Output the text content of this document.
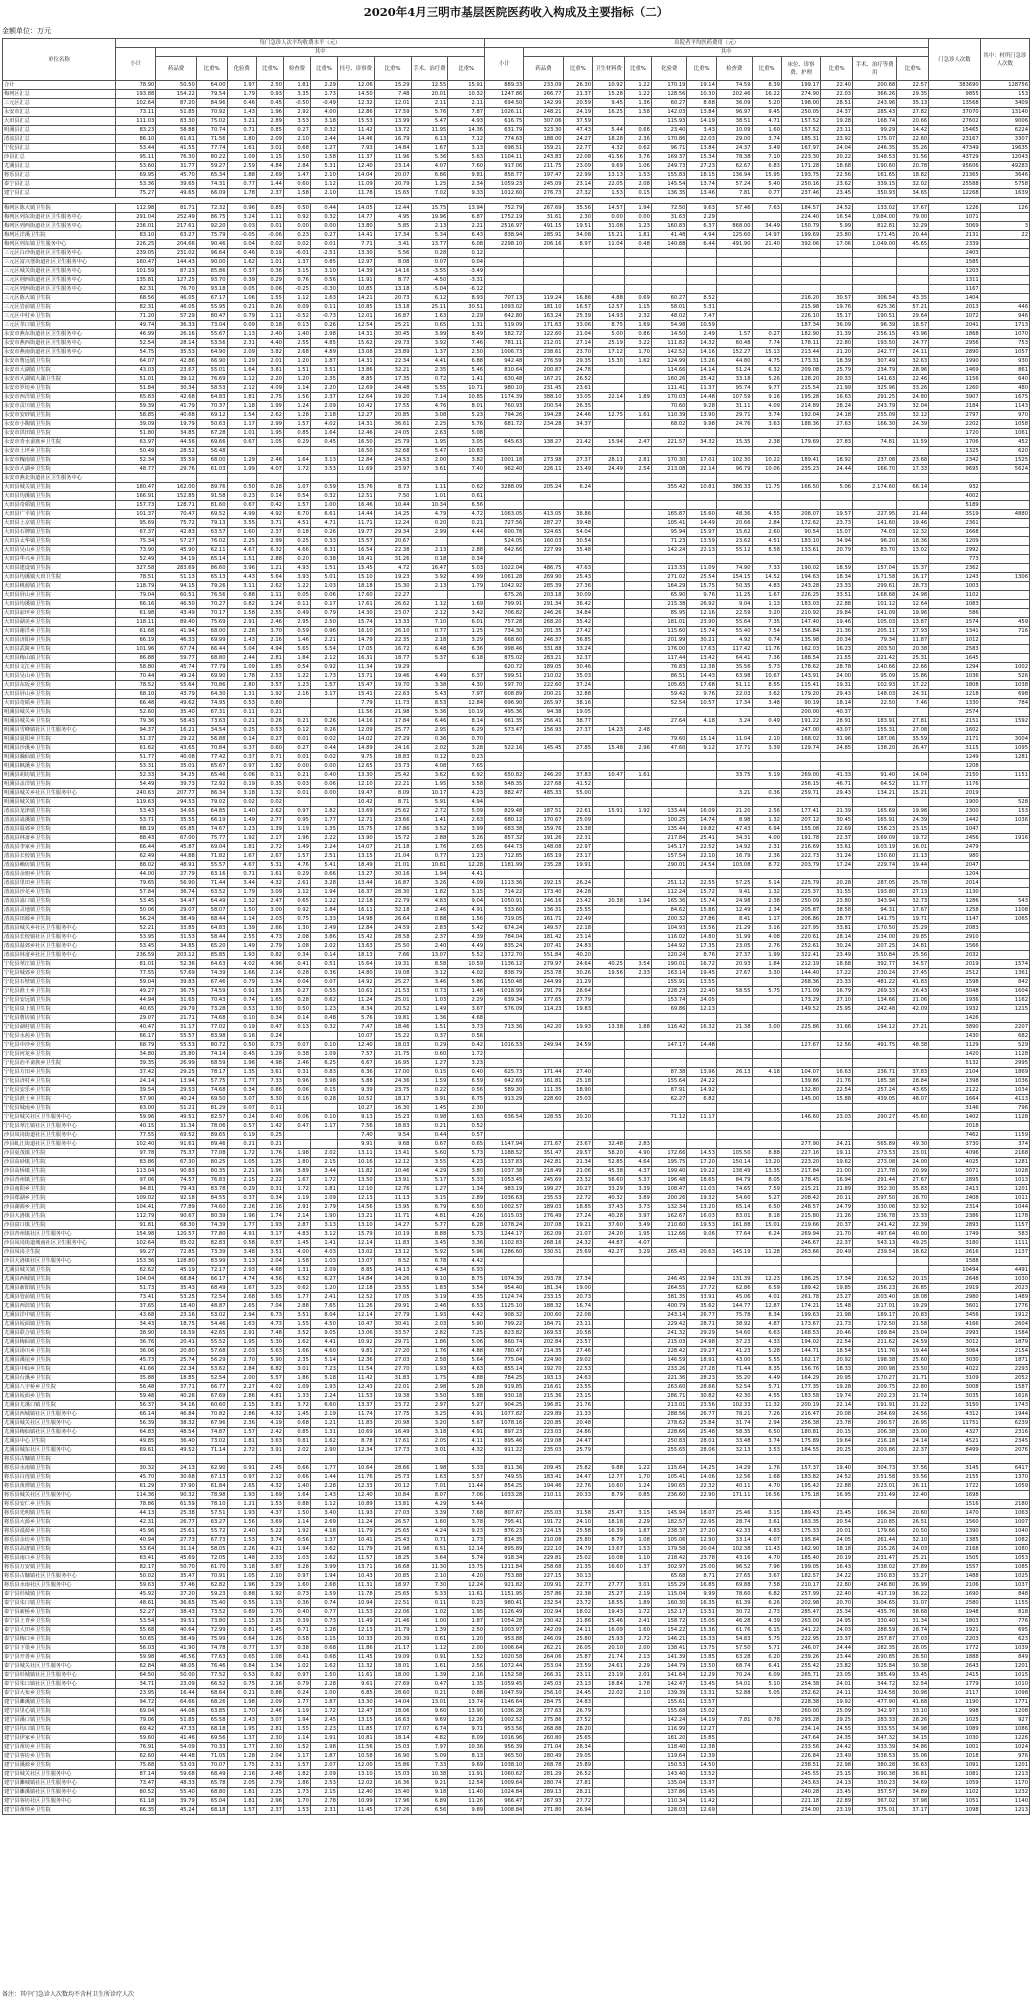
2020年4月三明市基层医院医药收入构成及主要指标（二）
金额单位：万元
单位名称	每门急诊人次平均收费水平（元）											出院者平均医药费用（元）													门急诊人次数	其中：村所门急诊人次数
	小计	其中										小计	其中													
		药品费	比重%	化验费	比重%	检查费	比重%	挂号、诊察费	比重%	手术、治疗费	比重%		药品费	比重%	卫生材料费	比重%	化验费	比重%	检查费	比重%	床位、诊察费、护理	比重%	手术、治疗等费用	比重%		
合计	78.90	50.50	64.00	1.97	2.50	1.81	2.29	12.06	15.29	12.55	15.91	889.33	233.09	26.30	10.92	1.22	170.19	19.14	74.59	8.39	199.17	22.40	200.68	22.57	383690	128756
梅列区汇总	193.88	154.22	79.54	1.79	0.93	3.35	1.73	14.50	7.48	20.01	10.32	1247.86	266.77	21.37	15.28	1.22	128.56	10.30	202.46	16.22	274.90	22.03	366.26	29.35	9855	153
三元区汇总	102.64	87.20	84.96	0.46	0.45	-0.50	-0.49	12.32	12.01	2.11	2.11	694.50	142.99	20.59	9.45	1.36	60.27	8.68	36.09	5.20	198.00	28.51	243.96	35.13	13568	3409
永安市汇总	73.11	51.85	70.92	1.43	1.96	2.92	4.00	12.86	17.59	5.76	7.87	1026.11	248.21	24.19	16.25	1.58	142.03	13.84	96.97	9.45	250.05	24.37	285.43	27.82	37070	13140
大田县汇总	111.03	83.30	75.02	3.21	2.89	3.53	3.18	15.53	13.99	5.47	4.93	616.75	307.06	37.59			115.93	14.19	38.51	4.71	157.52	19.28	168.74	20.66	27602	9006
明溪县汇总	83.23	58.88	70.74	0.71	0.85	0.27	0.32	11.42	13.72	11.95	14.36	631.79	323.30	47.43	5.44	0.66	23.40	3.43	10.09	1.60	157.52	23.11	99.29	14.42	15465	6224
清流县汇总	86.10	61.61	71.56	1.80	2.09	2.10	2.44	14.46	16.79	6.13	7.12	774.63	188.00	24.27	18.28	2.36	170.86	22.03	29.00	3.74	185.31	23.92	175.07	22.60	23167	3307
宁化县汇总	53.44	41.55	77.74	1.61	3.01	0.68	1.27	7.93	14.84	1.67	3.13	698.51	159.21	22.77	4.32	0.62	96.71	13.84	24.37	3.49	167.97	24.04	246.35	35.26	47349	19635
沙县汇总	95.11	76.30	80.22	1.09	1.15	1.50	1.58	11.37	11.96	5.36	5.63	1104.11	243.83	22.08	41.56	3.76	169.37	15.34	78.38	7.10	223.30	20.22	348.53	31.56	43729	12043
尤溪县汇总	53.60	31.77	59.27	2.59	4.84	2.84	5.31	12.40	23.14	4.07	7.60	917.06	211.75	23.09	9.69	1.06	249.73	27.23	62.67	6.83	171.28	18.68	190.60	20.78	95606	49283
将乐县汇总	69.95	45.70	65.34	1.88	2.69	1.47	2.10	14.04	20.07	6.86	9.81	858.77	197.47	22.99	13.13	1.53	155.83	18.15	136.94	15.95	193.75	22.56	161.65	18.82	21365	3646
泰宁县汇总	53.36	39.65	74.31	0.77	1.44	0.60	1.12	11.09	20.79	1.25	2.34	1059.23	245.09	23.14	22.05	2.08	145.54	13.74	57.24	5.40	250.16	23.62	339.15	32.02	25588	5758
建宁县汇总	75.27	49.65	66.09	1.78	2.37	1.58	2.10	11.78	15.65	7.02	9.33	1012.60	276.73	27.32	1.53	0.15	136.35	13.46	7.81	0.77	237.46	23.45	350.93	34.65	12268	1639

梅列区陈大镇卫生院	112.98	81.71	72.32	0.96	0.85	0.50	0.44	14.05	12.44	15.75	13.94	752.79	267.69	35.56	14.57	1.94	72.50	9.63	57.46	7.63	184.57	24.52	133.02	17.67	1226	126
梅列区列东街道社区卫生服务中心	291.04	252.49	86.75	3.24	1.11	0.92	0.32	14.77	4.95	19.96	6.87	1752.19	31.61	2.30	0.00	0.00	31.63	2.29			224.40	16.54	1,084.00	79.00	1071	
梅列区列西街道社区卫生服务中心	236.01	217.61	92.20	0.03	0.01	0.00	0.00	13.80	5.85	2.13	2.21	2516.97	491.15	19.51	31.08	1.23	160.83	6.37	868.00	34.49	150.79	5.99	812.81	32.29	3069	3
梅列区洋溪卫生院	83.10	63.27	75.79	-0.05	-0.06	0.23	0.27	14.41	17.34	5.34	6.43	838.94	285.91	34.08	15.21	1.81	41.48	4.94	125.60	14.97	199.69	23.80	171.45	20.44	2131	22
梅列区列东镇卫生服务中心	226.25	204.66	90.46	0.04	0.02	0.02	0.01	7.71	3.41	13.77	6.08	2298.10	206.16	8.97	11.04	0.48	140.88	6.44	491.90	21.40	392.06	17.06	1,049.00	45.65	2339	
三元区白沙街道社区卫生服务中心	239.05	231.02	96.64	0.46	0.19	-6.01	-2.51	13.30	5.56	0.28	0.12														2403	
三元区富兴堡街道社区卫生服务中心	160.47	144.43	90.00	1.62	1.01	1.37	0.85	12.97	8.08	0.07	0.04														1585	
三元区城关街道社区卫生服务中心	101.59	87.23	85.86	0.37	0.36	3.15	3.10	14.39	14.16	-3.55	-3.49														1203	
三元区荆西街道社区卫生服务中心	135.81	127.25	93.70	0.39	0.29	0.76	0.56	11.91	8.77	-4.50	-3.31														1311	
三元区列西街道社区卫生服务中心	82.31	76.70	93.18	0.05	0.06	-0.25	-0.30	10.85	13.18	-5.04	-6.12														1167	
三元区陈大镇卫生院	68.56	46.05	67.17	1.06	1.55	1.12	1.63	14.21	20.73	6.12	8.93	707.13	119.24	16.86	4.88	0.69	60.27	8.52			216.20	30.57	306.54	43.35	1404	
三元区岩前镇卫生院	82.31	46.05	55.95	0.21	0.26	0.09	0.11	10.85	13.18	25.11	30.51	1093.02	181.10	16.57	12.57	1.15	58.01	5.31			215.98	19.76	625.36	57.21	2013	446
三元区中村乡卫生院	71.20	57.29	80.47	0.79	1.11	-0.52	-0.73	12.01	16.87	1.63	2.29	642.80	163.24	25.39	14.93	2.32	48.02	7.47			226.10	35.17	190.51	29.64	1072	946
三元区莘口镇卫生院	49.74	36.33	73.04	0.09	0.18	0.13	0.26	12.54	25.21	0.65	1.31	519.09	171.63	33.06	8.75	1.69	54.98	10.59			187.34	36.09	96.39	18.57	2041	1713
永安市燕东街道社区卫生服务中心	46.99	26.16	55.67	1.13	2.40	1.40	2.98	14.31	30.45	3.99	8.49	582.72	122.60	21.04	5.00	0.86	14.50	2.49	1.57	0.27	182.90	31.39	256.15	43.96	1868	1070
永安市燕西街道社区卫生服务中心	52.54	28.14	53.56	2.31	4.40	2.55	4.85	15.62	29.73	3.92	7.46	781.11	212.01	27.14	25.19	3.22	111.82	14.32	60.48	7.74	178.11	22.80	193.50	24.77	2956	753
永安市燕南街道社区卫生服务中心	54.75	35.53	64.90	2.09	3.82	2.68	4.89	13.08	23.89	1.37	2.50	1006.73	238.61	23.70	17.12	1.70	142.52	14.16	152.27	15.13	213.44	21.20	242.77	24.11	2890	1057
永安市曹远镇卫生院	64.07	42.86	66.90	1.29	2.01	1.20	1.87	14.31	22.34	4.41	6.88	942.48	276.59	29.35	15.30	1.62	124.99	13.26	44.80	4.75	173.31	18.39	307.49	32.63	1990	930
永安市大湖镇卫生院	43.03	23.67	55.01	1.64	3.81	1.51	3.51	13.86	32.21	2.35	5.46	810.64	200.87	24.78			114.66	14.14	51.24	6.32	209.08	25.79	234.79	28.96	1469	861
永安市大湖镇大湖卫生院	51.01	39.12	76.69	1.12	2.20	1.20	2.35	8.85	17.35	0.72	1.41	630.48	167.21	26.52			160.26	25.42	33.18	5.26	128.20	20.33	141.63	22.46	1156	640
永安市罗坊乡卫生院	51.84	30.34	58.53	2.12	4.09	1.14	2.20	12.69	24.48	5.55	10.71	980.10	231.45	23.61			111.41	11.37	95.74	9.77	215.54	21.99	325.96	33.26	1260	480
永安市西洋镇卫生院	65.83	42.68	64.83	1.81	2.75	1.56	2.37	12.64	19.20	7.14	10.85	1174.39	388.10	33.05	22.14	1.89	170.03	14.48	107.59	9.16	195.28	16.63	291.25	24.80	3907	1675
永安市贡川镇卫生院	59.39	41.79	70.37	1.18	1.99	1.24	2.09	10.42	17.55	4.76	8.01	760.93	200.54	26.35			70.60	9.28	31.11	4.09	214.89	28.24	243.79	32.04	2184	1143
永安市安砂镇卫生院	58.85	40.68	69.12	1.54	2.62	1.28	2.18	12.27	20.85	3.08	5.23	794.26	194.28	24.46	12.75	1.61	110.39	13.90	29.71	3.74	192.04	24.18	255.09	32.12	2797	970
永安市小陶镇卫生院	39.09	19.79	50.63	1.17	2.99	1.57	4.02	14.31	36.61	2.25	5.76	681.72	234.28	34.37			68.02	9.98	24.76	3.63	188.36	27.63	166.30	24.39	2202	1058
永安市洪田镇卫生院	51.80	34.85	67.28	1.01	1.95	0.85	1.64	12.46	24.05	2.63	5.08														1720	1061
永安市青水畲族乡卫生院	63.97	44.56	69.66	0.67	1.05	0.29	0.45	16.50	25.79	1.95	3.05	645.63	138.27	21.42	15.94	2.47	221.57	34.32	15.35	2.38	179.69	27.83	74.81	11.59	1706	452
永安市上坪乡卫生院	50.49	28.52	56.48					16.50	32.68	5.47	10.83														1325	620
永安市槐南镇卫生院	52.34	35.59	68.00	1.29	2.46	1.64	3.13	12.84	24.53	2.00	3.82	1001.18	273.98	27.37	28.11	2.81	170.30	17.01	102.30	10.22	189.41	18.92	237.08	23.68	2342	1525
永安市大湖乡卫生院	48.77	29.76	61.03	1.99	4.07	1.72	3.53	11.69	23.97	3.61	7.40	962.40	226.11	23.49	24.49	2.54	213.08	22.14	96.79	10.06	235.23	24.44	166.70	17.33	9695	5624
永安市燕北街道社区卫生服务中心																										
大田县城关镇卫生院	180.47	162.00	89.76	0.50	0.28	1.07	0.59	15.76	8.73	1.11	0.62	3288.09	205.24	6.24			355.42	10.81	386.33	11.75	166.50	5.06	2,174.60	66.14	932	
大田县均溪镇卫生院	166.91	152.85	91.58	0.23	0.14	0.54	0.32	12.51	7.50	1.01	0.61														4002	
大田县奇韬镇卫生院	157.73	128.71	81.60	0.67	0.42	1.57	1.00	16.46	10.44	10.34	6.56														5189	
大田县广平镇卫生院	101.37	70.47	69.52	4.99	4.92	6.70	6.61	14.44	14.25	4.79	4.72	1063.05	413.05	38.86			165.87	15.60	48.36	4.55	208.07	19.57	227.95	21.44	3519	4880
大田县上京镇卫生院	95.69	75.72	79.13	3.55	3.71	4.51	4.71	11.71	12.24	0.20	0.21	727.56	287.27	39.48			105.41	14.49	20.66	2.84	172.62	23.73	141.60	19.46	2361	
大田县石牌镇卫生院	67.37	42.83	63.57	1.60	2.37	0.18	0.26	19.77	29.34	2.99	4.44	600.78	324.65	54.04			95.94	15.97	15.62	2.60	90.54	15.07	74.03	12.32	1668	
大田县太华镇卫生院	75.34	57.27	76.02	2.25	2.99	0.25	0.33	15.57	20.67			524.05	160.03	30.54			71.23	13.59	23.62	4.51	183.10	34.94	96.20	18.36	1209	
大田县吴山乡卫生院	73.90	45.90	62.11	4.67	6.32	4.66	6.31	16.54	22.38	2.13	2.88	642.66	227.99	35.48			142.24	22.13	55.12	8.58	133.61	20.79	83.70	13.02	2992	
大田县华兴乡卫生院	52.49	34.19	65.14	1.51	2.88	0.20	0.38	16.41	31.26	0.18	0.34														773	
大田县建设镇卫生院	327.58	283.69	86.60	3.96	1.21	4.93	1.51	15.45	4.72	16.47	5.03	1022.04	486.75	47.63			113.33	11.09	74.90	7.33	190.02	18.59	157.04	15.37	2362	
大田县均溪镇大田卫生院	78.51	51.13	65.13	4.43	5.64	3.93	5.01	15.10	19.23	3.92	4.99	1061.28	269.90	25.43			271.02	25.54	154.15	14.52	194.63	18.34	171.58	16.17	1243	1306
大田县桃源镇卫生院	118.79	94.15	79.26	3.11	2.62	1.22	1.03	18.18	15.30	2.13	1.79	1042.92	285.39	27.36			164.29	15.75	50.35	4.83	243.28	23.33	299.61	28.73	1003	
大田县屏山乡卫生院	79.04	60.51	76.56	0.88	1.11	0.05	0.06	17.60	22.27			675.26	203.18	30.09			65.90	9.76	11.25	1.67	226.25	33.51	168.68	24.98	1102	
大田县均溪镇卫生院	66.16	46.50	70.27	0.82	1.24	0.11	0.17	17.61	26.62	1.12	1.69	799.91	291.34	36.42			215.38	26.92	9.04	1.13	183.03	22.88	101.12	12.64	1083	
大田县前坪乡卫生院	61.98	43.49	70.17	1.58	2.55	0.49	0.79	14.30	23.07	2.12	3.42	706.82	246.26	34.84			85.95	12.16	22.59	3.20	210.92	29.84	141.09	19.96	586	
大田县湖美乡卫生院	118.11	89.40	75.69	2.91	2.46	2.95	2.50	15.74	13.33	7.10	6.01	757.28	268.20	35.42			181.01	23.90	55.64	7.35	147.40	19.46	105.03	13.87	1574	459
大田县谢洋乡卫生院	61.68	41.94	68.00	2.28	3.70	0.59	0.96	16.10	26.10	0.77	1.25	734.30	201.35	27.42			115.60	15.74	55.40	7.54	156.84	21.36	205.11	27.93	1341	716
大田县济阳乡卫生院	66.19	46.33	69.99	1.43	2.16	1.46	2.21	14.79	22.35	2.18	3.29	668.60	246.37	36.85			201.99	30.21	4.92	0.74	135.98	20.34	79.34	11.87	1012	
大田县武陵乡卫生院	101.96	67.74	66.44	5.04	4.94	5.65	5.54	17.05	16.72	6.48	6.36	998.46	331.88	33.24			176.00	17.63	117.42	11.76	162.03	16.23	203.50	20.38	2583	
大田县梅山镇卫生院	86.88	59.77	68.80	2.44	2.81	1.84	2.12	16.31	18.77	5.37	6.18	875.02	283.21	32.37			117.44	13.42	64.41	7.36	188.54	21.55	221.42	25.31	1645	
大田县文江乡卫生院	58.80	45.74	77.79	1.09	1.85	0.54	0.92	11.34	19.29			620.72	189.05	30.46			76.83	12.38	35.56	5.73	178.62	28.78	140.66	22.66	1294	1002
大田县吴山乡卫生院	70.44	49.24	69.90	1.78	2.53	1.22	1.73	13.71	19.46	4.49	6.37	599.51	210.02	35.03			86.51	14.43	63.98	10.67	143.91	24.00	95.09	15.86	1036	526
大田县东坂乡卫生院	78.52	55.64	70.86	2.80	3.57	1.23	1.57	15.47	19.70	3.38	4.30	597.70	222.60	37.24			105.65	17.68	51.11	8.55	115.41	19.31	102.93	17.22	1808	1038
大田县屏山乡卫生院	68.10	43.79	64.30	1.31	1.92	2.16	3.17	15.41	22.63	5.43	7.97	608.89	200.21	32.88			59.42	9.76	22.03	3.62	179.20	29.43	148.03	24.31	1218	698
大田县奇韬乡卫生院	66.48	49.62	74.95	0.53	0.80			7.79	11.73	8.53	12.84	696.90	265.97	38.16			52.54	10.57	17.34	3.48	90.19	18.14	22.50	7.46	1330	784
明溪县城关乡卫生院	52.60	35.40	67.31	0.11	0.21			11.56	21.98	5.36	10.19	495.36	94.38	19.05							200.00	40.37			2574	
明溪县城关乡卫生院	79.36	58.43	73.63	0.21	0.26	0.21	0.26	14.16	17.84	6.46	8.14	661.35	256.41	38.77			27.64	4.18	3.24	0.49	191.22	28.91	183.91	27.81	2151	1592
明溪县雪峰镇社区卫生服务中心	94.37	16.21	34.54	0.25	0.53	0.12	0.26	12.09	25.77	2.95	6.29	573.47	156.93	27.37	14.23	2.48					247.00	43.07	155.31	27.08	1602	
明溪县夏阳乡卫生院	51.37	29.22	56.88	0.14	0.27	0.01	0.02	14.02	27.29	0.36	0.70						79.60	15.14	11.04	2.10	168.02	31.96	187.06	35.59	2171	3004
明溪县沙溪乡卫生院	61.62	43.65	70.84	0.37	0.60	0.27	0.44	14.89	24.16	2.02	3.28	522.16	145.45	27.85	15.48	2.96	47.60	9.12	17.71	3.39	129.74	24.85	138.20	26.47	3115	1095
明溪县瀚仙镇卫生院	51.77	40.08	77.42	0.37	0.71	0.01	0.02	9.75	18.83	0.12	0.23														1249	1281
明溪县枫溪乡卫生院	53.31	35.01	65.67	0.97	1.82	0.00	0.00	12.65	23.73	4.08	7.65														1208	
明溪县胡坊镇卫生院	52.33	34.25	65.46	0.06	0.11	0.21	0.40	13.30	25.42	3.62	6.92	650.82	246.20	37.83	10.47	1.61			33.75	5.19	269.00	41.33	91.40	14.04	2150	1151
明溪县盖洋镇卫生院	54.49	39.73	72.92	0.19	0.35	0.03	0.06	12.10	22.21	1.95	3.58	548.35	227.68	41.52							256.15	46.71	64.52	11.77	1176	
明溪县城关乡社区卫生服务中心	240.63	207.77	86.34	3.18	1.32	0.01	0.00	19.47	8.09	10.17	4.23	882.47	485.33	55.00					3.21	0.36	259.71	29.43	134.21	15.21	2019	
明溪县城关镇卫生院	119.63	94.53	79.02	0.02	0.02			10.42	8.71	5.91	4.94														1900	528
清流县龙津镇卫生院	53.43	34.65	64.85	1.40	2.62	0.97	1.82	13.69	25.62	2.72	5.09	829.48	187.51	22.61	15.91	1.92	133.44	16.09	21.20	2.56	177.41	21.39	165.69	19.98	2300	153
清流县嵩溪镇卫生院	53.71	35.55	66.19	1.49	2.77	0.95	1.77	12.71	23.66	1.41	2.63	680.12	170.67	25.09			100.25	14.74	8.98	1.32	207.12	30.45	165.91	24.39	1442	1036
清流县温郊乡卫生院	88.19	65.85	74.67	1.23	1.39	1.19	1.35	15.75	17.86	3.52	3.99	683.38	159.76	23.38			135.44	19.82	47.43	6.94	155.08	22.69	158.23	23.15	1047	
清流县林畲乡卫生院	88.43	67.00	75.77	1.92	2.17	1.96	2.22	13.90	15.72	2.88	3.26	857.32	191.26	22.31			217.84	25.41	34.31	4.00	191.78	22.37	169.09	19.72	2456	1916
清流县李家乡卫生院	66.44	45.87	69.04	1.81	2.72	1.49	2.24	14.07	21.18	1.76	2.65	644.73	148.08	22.97			145.17	22.52	14.92	2.31	216.69	33.61	103.19	16.01	2479	
清流县长校镇卫生院	62.49	44.88	71.82	1.67	2.67	1.57	2.51	13.15	21.04	0.77	1.23	712.85	165.19	23.17			157.54	22.10	16.79	2.36	222.73	31.24	150.60	21.13	980	
清流县赖坊镇卫生院	88.02	48.91	55.57	4.67	5.31	4.76	5.41	18.49	21.01	10.81	12.28	1181.99	235.28	19.91			290.01	24.54	103.08	8.72	203.79	17.24	229.74	19.44	2047	
清流县余朋乡卫生院	44.00	27.79	63.16	0.71	1.61	0.29	0.66	13.27	30.16	1.94	4.41														1204	
清流县里田乡卫生院	79.65	56.90	71.44	3.44	4.32	2.61	3.28	13.44	16.87	3.26	4.09	1113.36	292.15	26.24			251.12	22.55	57.25	5.14	225.79	20.28	287.05	25.78	2014	
清流县沙芜乡卫生院	57.84	36.74	63.52	1.79	3.09	1.12	1.94	16.37	28.30	1.82	3.15	714.22	173.40	24.28			112.24	15.72	9.41	1.32	225.37	31.55	193.80	27.13	1130	
清流县嵩口镇卫生院	53.45	34.47	64.49	1.32	2.47	0.65	1.22	12.18	22.79	4.83	9.04	1050.91	246.16	23.42	20.38	1.94	165.36	15.74	24.98	2.38	250.09	23.80	343.94	32.73	1286	543
清流县灵地镇卫生院	50.06	29.07	58.07	1.50	3.00	0.92	1.84	16.11	32.18	2.46	4.91	533.60	136.31	25.55			84.62	15.86	12.49	2.34	205.87	38.58	94.31	17.67	1258	1108
清流县田源乡卫生院	56.24	38.49	68.44	1.14	2.03	0.75	1.33	14.98	26.64	0.88	1.56	719.05	161.71	22.49			200.32	27.86	8.41	1.17	206.86	28.77	141.75	19.71	1147	1065
清流县城关乡社区卫生服务中心	52.21	33.85	64.83	1.39	2.66	1.30	2.49	12.84	24.59	2.83	5.42	674.24	149.57	22.18			104.93	15.56	21.29	3.16	227.95	33.81	170.50	25.29	2083	
清流县长校镇社区卫生服务中心	53.95	31.53	58.44	2.55	4.73	2.08	3.86	15.42	28.58	2.37	4.39	784.04	181.42	23.14			116.02	14.80	31.99	4.08	220.61	28.14	234.00	29.85	2910	
清流县温郊乡社区卫生服务中心	53.45	34.85	65.20	1.49	2.79	1.08	2.02	13.63	25.50	2.40	4.49	835.24	207.41	24.83			144.92	17.35	23.05	2.76	252.61	30.24	207.25	24.81	1566	
清流县林畲乡社区卫生服务中心	236.59	203.12	85.85	1.93	0.82	0.34	0.14	18.13	7.66	13.07	5.52	1372.70	551.84	40.20			120.24	8.76	27.37	1.99	322.41	23.49	350.84	25.56	2032	
宁化县翠江镇卫生院	81.01	52.36	64.63	4.02	4.96	0.41	0.51	15.64	19.31	8.58	10.59	1136.12	279.97	24.64	40.25	3.54	190.01	16.72	20.93	1.84	212.19	18.68	392.77	34.57	2019	1574
宁化县城郊乡卫生院	77.55	57.69	74.39	1.66	2.14	0.28	0.36	14.80	19.08	3.12	4.02	838.79	253.78	30.26	19.56	2.33	163.14	19.45	27.67	3.30	144.40	17.22	230.24	27.45	2512	1361
宁化县石壁镇卫生院	59.04	39.83	67.46	0.79	1.34	0.04	0.07	14.92	25.27	3.46	5.86	1150.48	244.99	21.29			155.91	13.55			268.36	23.33	481.22	41.83	1598	842
宁化县淮土乡卫生院	49.27	36.75	74.59	0.91	1.85	0.27	0.55	10.61	21.53	0.73	1.48	1018.99	291.79	28.64			228.23	22.40	58.55	5.75	171.09	16.79	269.33	26.43	3048	1604
宁化县安远镇卫生院	44.94	31.65	70.43	0.74	1.65	0.28	0.62	11.24	25.01	1.03	2.29	639.34	177.65	27.79			153.74	24.05			173.29	27.10	134.66	21.06	1936	1162
宁化县泉上镇卫生院	40.65	29.79	73.28	0.53	1.30	0.50	1.23	8.34	20.52	1.49	3.67	576.09	114.23	19.83			69.86	12.13			149.52	25.95	242.48	42.09	1932	1215
宁化县曹坊镇卫生院	29.07	21.71	74.68	0.10	0.34	0.14	0.48	5.76	19.81	1.36	4.68														1426	
宁化县湖村镇卫生院	40.47	31.17	77.02	0.19	0.47	0.13	0.32	7.47	18.46	1.51	3.73	713.36	142.20	19.93	13.38	1.88	116.42	16.32	21.38	3.00	225.86	31.66	194.12	27.21	3890	2207
宁化县水茜乡卫生院	66.17	55.57	83.98	0.16	0.24			10.07	15.22	0.37	0.56														1430	682
宁化县中沙乡卫生院	68.79	55.53	80.72	0.50	0.73	0.07	0.10	12.40	18.03	0.29	0.42	1016.53	249.94	24.59			147.17	14.48			127.67	12.56	491.75	48.38	1129	529
宁化县河龙乡卫生院	34.80	25.80	74.14	0.45	1.29	0.38	1.09	7.57	21.75	0.60	1.72														1420	1128
宁化县治平畲族乡卫生院	39.35	26.99	68.59	1.96	4.98	2.46	6.25	6.67	16.95	1.27	3.23														5132	2995
宁化县方田乡卫生院	37.42	29.25	78.17	1.35	3.61	0.31	0.83	6.36	17.00	0.15	0.40	625.73	171.44	27.40			87.38	13.96	26.13	4.18	104.07	16.63	236.71	37.83	2104	1869
宁化县济村乡卫生院	24.14	13.94	57.75	1.77	7.33	0.96	3.98	5.88	24.36	1.59	6.59	642.69	161.81	25.18			155.64	24.22			139.86	21.76	185.38	28.84	1398	1036
宁化县安乐乡卫生院	39.54	29.53	74.68	0.34	0.86	0.06	0.15	9.39	23.75	0.22	0.56	589.30	111.35	18.90			87.91	14.92			132.80	22.54	257.24	43.65	2122	1034
宁化县淮土乡卫生院	57.90	40.24	69.50	3.07	5.30	0.16	0.28	10.52	18.17	3.91	6.75	913.29	228.60	25.03			62.27	6.82			145.00	15.88	439.05	48.07	1664	4113
宁化县城南乡卫生院	63.00	51.21	81.29	0.07	0.11			10.27	16.30	1.45	2.30														3146	796
宁化县城关社区卫生服务中心	59.96	49.51	82.57	0.24	0.40	0.06	0.10	9.13	15.23	0.98	1.63	636.54	128.55	20.20			71.12	11.17			146.60	23.03	290.27	45.60	1402	1128
宁化县翠江镇社区卫生服务中心	40.15	31.34	78.06	0.57	1.42	0.47	1.17	7.56	18.83	0.21	0.52														2018	
沙县凤岗街道社区卫生服务中心	77.55	69.52	89.65	0.19	0.25			7.40	9.54	0.44	0.57														7462	1159
沙县虬江街道社区卫生服务中心	102.40	91.61	89.46	0.21	0.21			9.91	9.68	0.67	0.65	1147.94	271.67	23.67	32.48	2.83					277.90	24.21	565.89	49.30	3730	374
沙县夏茂镇卫生院	97.78	75.37	77.08	1.72	1.76	1.98	2.02	13.11	13.41	5.60	5.73	1188.52	351.47	29.57	58.20	4.90	172.66	14.53	105.50	8.88	227.16	19.11	273.53	23.01	4096	2168
沙县高砂镇卫生院	83.86	67.30	80.25	1.05	1.25	1.80	2.15	10.16	12.12	3.55	4.23	1137.83	242.81	21.34	52.85	4.64	195.75	17.20	150.14	13.20	223.20	19.62	273.08	24.00	4025	1281
沙县高桥镇卫生院	113.04	90.83	80.35	2.21	1.96	3.89	3.44	11.82	10.46	4.29	3.80	1037.38	218.49	21.06	45.38	4.37	199.40	19.22	138.49	13.35	217.84	21.00	217.78	20.99	3071	1028
沙县青州镇卫生院	97.06	74.57	76.83	2.15	2.22	1.67	1.72	13.50	13.91	5.17	5.33	1053.45	245.69	23.32	56.60	5.37	196.48	18.65	84.79	8.05	178.45	16.94	291.44	27.67	2895	1013
沙县南阳乡卫生院	94.81	79.43	83.78	0.29	0.31	1.72	1.81	12.10	12.76	1.27	1.34	983.19	199.27	20.27	33.29	3.39	108.47	11.03	74.65	7.59	215.21	21.89	352.30	35.83	2413	1201
沙县郑湖乡卫生院	109.02	92.18	84.55	0.37	0.34	1.19	1.09	12.13	11.13	3.15	2.89	1036.63	235.53	22.72	40.32	3.89	200.26	19.32	54.60	5.27	208.42	20.11	297.50	28.70	2408	1011
沙县湖源乡卫生院	104.41	77.89	74.60	2.26	2.16	2.91	2.79	14.56	13.95	6.79	6.50	1002.57	189.03	18.85	37.43	3.73	132.34	13.20	65.14	6.50	248.57	24.79	330.06	32.92	2314	1044
沙县大洛镇卫生院	112.79	90.67	80.39	1.96	1.74	2.14	1.90	13.21	11.71	4.81	4.26	1015.03	276.49	27.24	40.28	3.97	162.67	16.03	83.01	8.18	215.80	21.26	236.78	23.33	2386	1178
沙县富口镇卫生院	91.81	68.30	74.39	1.77	1.93	2.87	3.13	13.10	14.27	5.77	6.28	1078.24	207.08	19.21	37.60	3.49	210.60	19.53	161.88	15.01	219.66	20.37	241.42	22.39	2893	1157
沙县青州镇社区卫生服务中心	154.98	120.57	77.80	4.91	3.17	4.83	3.12	15.79	10.19	8.88	5.73	1244.17	262.09	21.07	24.20	1.95	112.66	9.06	77.64	6.24	269.94	21.70	497.64	40.00	1749	583
沙县凤岗街道城南社区卫生服务中心	102.64	85.02	82.83	0.58	0.57	1.45	1.41	12.14	11.83	3.45	3.36	1102.83	268.16	24.32	44.87	4.07					246.67	22.37	543.13	49.25	3180	1111
沙县凤岗卫生院	99.27	72.85	73.39	3.48	3.51	4.00	4.03	13.02	13.12	5.92	5.96	1286.60	330.51	25.69	42.27	3.29	265.43	20.63	145.19	11.28	263.66	20.49	239.54	18.62	2616	1137
沙县大洛镇社区卫生服务中心	153.36	128.80	83.99	3.13	2.04	1.58	1.03	13.07	8.52	6.78	4.42														1588	
尤溪县城关镇卫生院	62.62	45.19	72.17	2.93	4.68	1.31	2.09	8.85	14.13	4.34	6.93														10494	4491
尤溪县西城镇卫生院	104.04	68.84	66.17	4.74	4.56	6.52	6.27	14.84	14.26	9.10	8.75	1074.39	293.78	27.34			246.45	22.94	131.39	12.23	186.25	17.34	216.52	20.15	2648	1030
尤溪县新阳镇卫生院	51.73	35.43	68.49	1.67	3.23	0.62	1.20	12.18	23.55	1.83	3.54	954.40	181.34	19.00			264.55	27.72	62.86	6.59	189.42	19.85	256.23	26.85	2919	2023
尤溪县管前镇卫生院	73.41	53.25	72.54	2.68	3.65	1.77	2.41	12.52	17.05	3.19	4.35	1124.74	233.15	20.73			381.35	33.91	45.06	4.01	261.78	23.27	203.40	18.08	2980	1489
尤溪县西滨镇卫生院	37.65	18.40	48.87	2.65	7.04	2.88	7.65	11.26	29.91	2.46	6.53	1125.10	188.32	16.74			400.79	35.62	144.77	12.87	174.21	15.48	217.01	19.29	3601	1776
尤溪县洋中镇卫生院	43.68	23.16	53.02	2.94	6.73	3.51	8.04	12.14	27.79	1.93	4.42	908.32	200.60	22.08			243.14	26.77	75.78	8.34	199.63	21.98	189.17	20.83	3456	1912
尤溪县坂面镇卫生院	34.43	18.75	54.46	1.63	4.73	1.55	4.50	10.47	30.41	2.03	5.90	799.22	184.71	23.11			229.42	28.71	38.92	4.87	173.67	21.73	172.50	21.58	4166	2604
尤溪县联合镇卫生院	38.90	16.59	42.65	2.91	7.48	3.52	9.05	13.06	33.57	2.82	7.25	823.82	169.53	20.58			241.32	29.29	54.60	6.63	168.53	20.46	189.84	23.04	2993	1584
尤溪县梅仙镇卫生院	36.76	20.41	55.52	1.95	5.30	1.62	4.41	10.92	29.71	1.86	5.06	860.74	202.84	23.57			215.03	24.98	37.23	4.33	194.02	22.54	211.62	24.59	3012	1879
尤溪县汤川乡卫生院	36.06	20.80	57.68	2.03	5.63	1.66	4.60	9.81	27.20	1.76	4.88	780.47	214.35	27.46			228.42	29.27	41.23	5.28	144.71	18.54	151.76	19.44	3064	2154
尤溪县溪尾乡卫生院	45.73	25.74	56.29	2.70	5.90	2.35	5.14	12.36	27.03	2.58	5.64	775.04	224.90	29.02			146.59	18.91	43.00	5.55	162.17	20.92	198.38	25.60	3030	1871
尤溪县中仙乡卫生院	41.66	22.34	53.62	2.84	6.82	3.01	7.23	11.54	27.70	1.93	4.63	855.14	192.70	22.53			233.26	27.28	71.44	8.35	156.76	18.33	200.98	23.50	4022	2293
尤溪县台溪乡卫生院	35.88	18.85	52.54	2.00	5.57	1.86	5.18	11.42	31.83	1.75	4.88	784.25	193.13	24.63			221.36	28.23	35.20	4.49	164.29	20.95	170.27	21.71	3109	2052
尤溪县八字桥乡卫生院	56.48	37.71	66.77	2.27	4.02	1.09	1.93	12.43	22.01	2.98	5.28	919.85	216.61	23.55			263.60	28.66	52.54	5.71	177.35	19.28	209.75	22.80	3008	1587
尤溪县坂面乡卫生院	59.48	40.26	67.69	2.86	4.81	1.33	2.24	11.53	19.38	3.50	5.88	930.18	215.36	23.15			286.71	30.82	42.30	4.55	183.58	19.74	202.23	21.74	3035	1616
尤溪县尤溪口镇卫生院	56.37	34.16	60.60	2.15	3.81	3.72	6.60	13.37	23.72	2.97	5.27	904.25	196.81	21.76			213.01	23.56	102.33	11.32	200.19	22.14	191.91	21.22	3150	1743
尤溪县西城镇社区卫生服务中心	66.14	46.84	70.82	2.86	4.32	1.45	2.19	11.74	17.75	3.25	4.91	1077.82	229.89	21.33			288.56	26.77	78.21	7.26	216.47	20.08	264.69	24.56	4312	1944
尤溪县城关社区卫生服务中心	56.39	38.32	67.96	2.36	4.19	0.68	1.21	11.83	20.98	3.20	5.67	1078.16	220.85	20.48			278.62	25.84	31.74	2.94	256.38	23.78	290.57	26.95	11751	6239
尤溪县梅仙镇社区卫生服务中心	64.83	48.54	74.87	1.57	2.42	0.85	1.31	10.69	16.49	3.18	4.91	897.23	223.03	24.86			228.66	25.48	58.35	6.50	180.81	20.15	206.38	23.00	4327	2316
尤溪县中心卫生院	49.85	36.40	73.02	1.81	3.63	0.81	1.62	8.78	17.61	2.05	4.11	895.46	219.08	24.47			250.83	28.01	33.48	3.74	175.89	19.64	216.18	24.14	4521	2345
尤溪县城东社区卫生服务中心	69.61	49.52	71.14	2.72	3.91	2.02	2.90	12.34	17.73	3.01	4.32	911.22	235.03	25.79			255.65	28.06	32.13	3.53	184.55	20.25	203.86	22.37	8499	2076
将乐县古镛镇卫生院																										
将乐县水南镇卫生院	30.32	24.13	62.90	0.91	2.45	0.66	1.77	10.64	28.66	1.98	5.33	811.36	209.45	25.82	9.88	1.22	115.64	14.25	14.29	1.76	157.37	19.40	304.73	37.56	3145	6417
将乐县白莲镇卫生院	45.70	30.68	67.13	0.97	2.12	0.66	1.44	11.76	25.73	1.63	3.57	749.55	183.41	24.47	12.77	1.70	105.41	14.06	12.56	1.68	183.82	24.52	251.58	33.56	2155	1370
将乐县黄潭镇卫生院	61.29	37.90	61.84	2.65	4.32	1.40	2.28	12.33	20.12	7.01	11.44	854.25	194.46	22.76	10.60	1.24	190.65	22.32	40.11	4.70	195.42	22.88	223.01	26.11	1722	1059
将乐县城关社区卫生服务中心	114.36	90.32	78.98	1.93	1.69	1.64	1.43	12.40	10.84	8.07	7.06	1033.28	210.11	20.33	8.79	0.85	236.60	22.90	171.11	16.56	175.18	16.95	231.49	22.40	1698	
将乐县安仁乡卫生院	78.86	61.59	78.10	1.21	1.53	0.88	1.12	10.89	13.81	4.29	5.44														1516	2180
将乐县光明镇卫生院	44.13	25.38	57.51	1.93	4.37	1.50	3.40	11.93	27.03	3.39	7.68	807.67	255.03	31.58	25.47	3.15	145.94	18.07	25.46	3.15	189.43	23.45	166.34	20.60	1470	1063
将乐县大源乡卫生院	42.31	26.77	63.27	1.56	3.69	1.14	2.69	11.24	26.57	1.60	3.78	795.41	191.72	24.10	18.18	2.29	182.57	22.95	28.74	3.61	163.35	20.54	210.85	26.51	1560	1007
将乐县漠源乡卫生院	45.96	25.61	55.72	2.40	5.22	1.92	4.18	11.79	25.65	4.24	9.23	876.23	224.15	25.58	16.39	1.87	238.37	27.20	42.33	4.83	175.33	20.01	179.66	20.50	1390	1040
将乐县余坊乡卫生院	40.94	27.73	67.73	1.53	3.74	0.56	1.37	10.41	25.43	0.71	1.73	814.35	210.08	25.80	8.79	1.08	105.06	12.90	33.14	4.07	195.84	24.05	261.44	32.10	1385	1082
将乐县高唐镇卫生院	53.64	31.14	58.05	2.26	4.21	1.94	3.62	11.79	21.98	6.51	12.14	895.89	222.10	24.79	13.67	1.53	179.58	20.04	102.38	11.43	162.90	18.18	215.26	24.03	2168	1080
将乐县南口乡卫生院	63.41	45.69	72.05	1.48	2.33	1.03	1.62	11.57	18.25	3.64	5.74	918.34	229.81	25.02	10.08	1.10	218.42	23.78	43.16	4.70	185.40	20.19	231.47	25.21	1505	1053
将乐县万安镇卫生院	82.17	50.70	61.70	3.18	3.87	3.28	3.99	13.71	16.68	11.30	13.75	1211.84	258.68	21.35	16.60	1.37	302.97	25.00	96.52	7.96	199.05	16.43	338.02	27.89	1557	1085
将乐县古镛镇社区卫生服务中心	50.02	35.47	70.91	1.05	2.10	0.97	1.94	10.43	20.85	2.10	4.20	753.88	227.15	30.13			65.68	8.71	27.65	3.67	182.57	24.22	250.83	33.27	1488	1025
将乐县水南社区卫生服务中心	59.63	37.46	62.82	1.96	3.29	1.60	2.68	11.31	18.97	7.30	12.24	921.82	209.91	22.77	27.77	3.01	155.29	16.85	69.88	7.58	210.17	22.80	248.80	26.99	2106	1037
泰宁县杉城镇卫生院	45.92	27.20	59.23	0.88	1.92	0.73	1.59	11.78	25.65	5.33	11.61	1151.95	257.86	22.38	25.27	2.19	115.04	9.99	78.60	6.82	257.99	22.40	417.19	36.22	1690	848
泰宁县朱口镇卫生院	48.61	36.65	75.40	0.55	1.13	0.36	0.74	10.94	22.51	0.11	0.23	980.41	232.54	23.72	18.55	1.89	160.30	16.35	61.39	6.26	202.98	20.70	304.65	31.07	2580	1155
泰宁县新桥乡卫生院	52.27	38.43	73.52	0.89	1.70	0.40	0.77	11.53	22.06	1.02	1.95	1126.49	202.94	18.02	19.43	1.72	152.17	13.51	30.72	2.73	285.47	25.34	435.76	38.68	1948	818
泰宁县上青乡卫生院	53.54	39.51	73.80	1.15	2.15	0.39	0.73	11.49	21.46	1.00	1.87	1054.28	230.42	21.86	25.46	2.41	158.72	15.05	46.28	4.39	263.00	24.95	330.40	31.34	1803	776
泰宁县大田乡卫生院	55.68	40.64	72.99	0.81	1.45	0.71	1.28	12.13	21.79	1.39	2.50	1003.97	242.09	24.11	16.09	1.60	154.22	15.36	61.76	6.15	241.22	24.03	288.59	28.74	1921	695
泰宁县梅口乡卫生院	50.65	38.49	75.99	0.64	1.26	0.58	1.15	10.33	20.39	0.61	1.20	953.88	246.09	25.80	25.93	2.72	146.21	15.33	54.83	5.75	222.95	23.37	257.87	27.03	2203	623
泰宁县下渠乡卫生院	56.03	41.90	74.78	0.77	1.37	0.38	0.68	11.86	21.17	1.12	2.00	1006.64	262.21	26.05	20.10	2.00	138.41	13.75	57.50	5.71	246.07	24.44	282.35	28.05	1772	1039
泰宁县开善乡卫生院	59.98	46.56	77.63	0.65	1.08	0.41	0.68	11.45	19.09	0.91	1.52	1020.58	264.06	25.87	21.74	2.13	141.39	13.85	63.28	6.20	239.26	23.44	290.85	28.50	1888	849
泰宁县城关社区卫生服务中心	62.84	48.05	76.46	0.84	1.34	1.02	1.62	11.32	18.01	1.61	2.56	1072.44	253.04	23.59	24.61	2.29	144.79	13.50	68.74	6.41	255.42	23.82	325.84	30.38	2643	1201
泰宁县杉城镇社区卫生服务中心	64.50	50.00	77.52	0.53	0.82	0.97	1.50	11.61	18.00	1.39	2.16	1152.58	266.31	23.11	23.19	2.01	141.64	12.29	70.24	6.09	265.71	23.05	385.49	33.45	2415	1015
泰宁县朱口镇社区卫生服务中心	34.71	23.09	66.52	0.75	2.16	0.79	2.28	9.61	27.69	0.47	1.35	1059.45	245.03	23.13	18.84	1.78	142.47	13.45	54.01	5.10	254.38	24.01	344.72	32.54	1779	1010
泰宁县大布乡卫生院	23.95	16.44	68.64	0.21	0.88	0.24	1.00	6.85	28.60	0.21	0.88	1047.59	256.10	24.45	22.02	2.10	139.39	13.31	52.88	5.05	252.62	24.11	324.58	30.98	2117	1098
建宁县濉溪镇卫生院	94.72	64.66	68.26	1.98	2.09	1.77	1.87	13.30	14.04	13.01	13.74	1146.64	284.75	24.83			155.61	13.57			228.38	19.92	477.90	41.68	1190	1771
建宁县里心镇卫生院	69.04	44.08	63.85	1.70	2.46	1.19	1.72	12.47	18.06	9.60	13.90	1036.28	277.63	26.79			155.68	15.02			260.00	25.09	342.97	33.10	998	1208
建宁县溪口镇卫生院	79.06	51.85	65.58	2.43	3.07	1.94	2.45	13.15	16.63	9.69	12.26	1002.52	275.86	27.52			142.24	14.19	7.81	0.78	293.28	29.25	283.33	28.26	1025	927
建宁县均口镇卫生院	69.42	47.33	68.18	1.95	2.81	1.55	2.23	11.85	17.07	6.74	9.71	953.56	268.88	28.20			116.99	12.27			234.14	24.55	333.55	34.98	1089	1086
建宁县伊家乡卫生院	59.60	41.46	69.56	1.37	2.30	1.14	1.91	10.81	18.14	4.82	8.09	1016.96	260.80	25.65			161.20	15.85			247.64	24.35	347.32	34.15	1030	1226
建宁县黄坊乡卫生院	76.91	54.09	70.33	1.77	2.30	1.52	1.98	11.56	15.03	7.97	10.36	956.39	271.04	28.34			118.40	12.38			233.56	24.42	333.39	34.86	1001	1024
建宁县客坊乡卫生院	62.60	44.48	71.05	1.28	2.04	1.17	1.87	10.58	16.90	5.09	8.13	965.50	280.49	29.05			119.64	12.39			226.84	23.49	338.53	35.06	1018	976
建宁县溪源乡卫生院	75.68	53.03	70.07	1.75	2.31	1.57	2.07	12.00	15.86	7.33	9.69	1038.10	268.78	25.89			150.53	14.50			238.51	22.98	380.28	36.63	1091	1201
建宁县城关社区卫生服务中心	87.14	59.68	68.49	2.16	2.48	1.82	2.09	13.10	15.03	10.38	11.91	1060.62	281.29	26.52			143.40	13.52			245.55	23.15	390.38	36.81	1081	1213
建宁县濉城镇社区卫生服务中心	73.47	48.33	65.78	2.05	2.79	1.86	2.53	12.02	16.36	9.21	12.54	1009.64	280.74	27.81			135.04	13.37			243.63	24.13	350.23	34.69	1059	1170
建宁县濉溪镇社区卫生服务中心	80.52	55.40	68.80	1.81	2.25	1.73	2.15	12.40	15.40	9.18	11.40	1024.84	289.13	28.21			137.86	13.45			240.28	23.45	357.57	34.89	1102	1232
建宁县客坊社区卫生服务中心	61.18	39.79	65.04	1.81	2.96	1.70	2.78	10.99	17.96	6.89	11.26	966.47	267.93	27.72			110.34	11.42			221.18	22.89	367.02	37.98	1051	1140
建宁县黄埠乡卫生院	66.35	45.24	68.18	1.57	2.37	1.53	2.31	11.45	17.26	6.56	9.89	1008.84	271.80	26.94			128.03	12.69			234.00	23.19	375.01	37.17	1098	1213
备注：其中门急诊人次数均不含村卫生所诊疗人次
